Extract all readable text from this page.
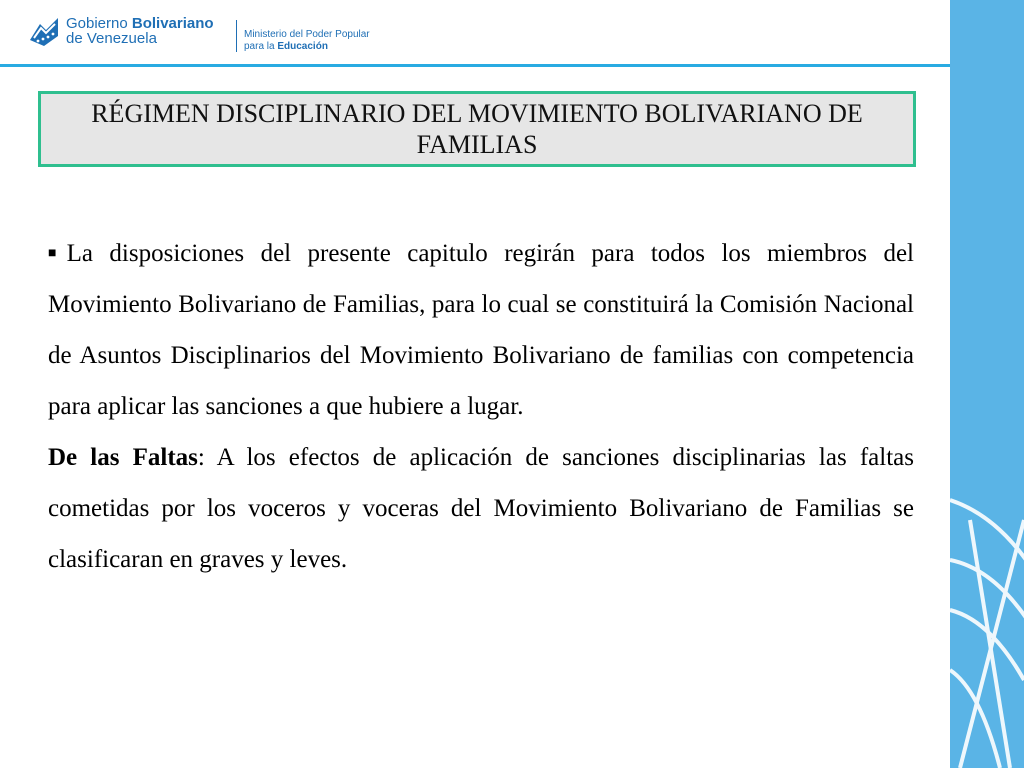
Gobierno Bolivariano
de Venezuela	Ministerio del Poder Popular
para la Educación
RÉGIMEN DISCIPLINARIO DEL MOVIMIENTO BOLIVARIANO DE FAMILIAS

■La disposiciones del presente capitulo regirán para todos los miembros del Movimiento Bolivariano de Familias, para lo cual se constituirá la Comisión Nacional de Asuntos Disciplinarios del Movimiento Bolivariano de familias con competencia para aplicar las sanciones a que hubiere a lugar.

De las Faltas: A los efectos de aplicación de sanciones disciplinarias las faltas cometidas por los voceros y voceras del Movimiento Bolivariano de Familias se clasificaran en graves y leves.
